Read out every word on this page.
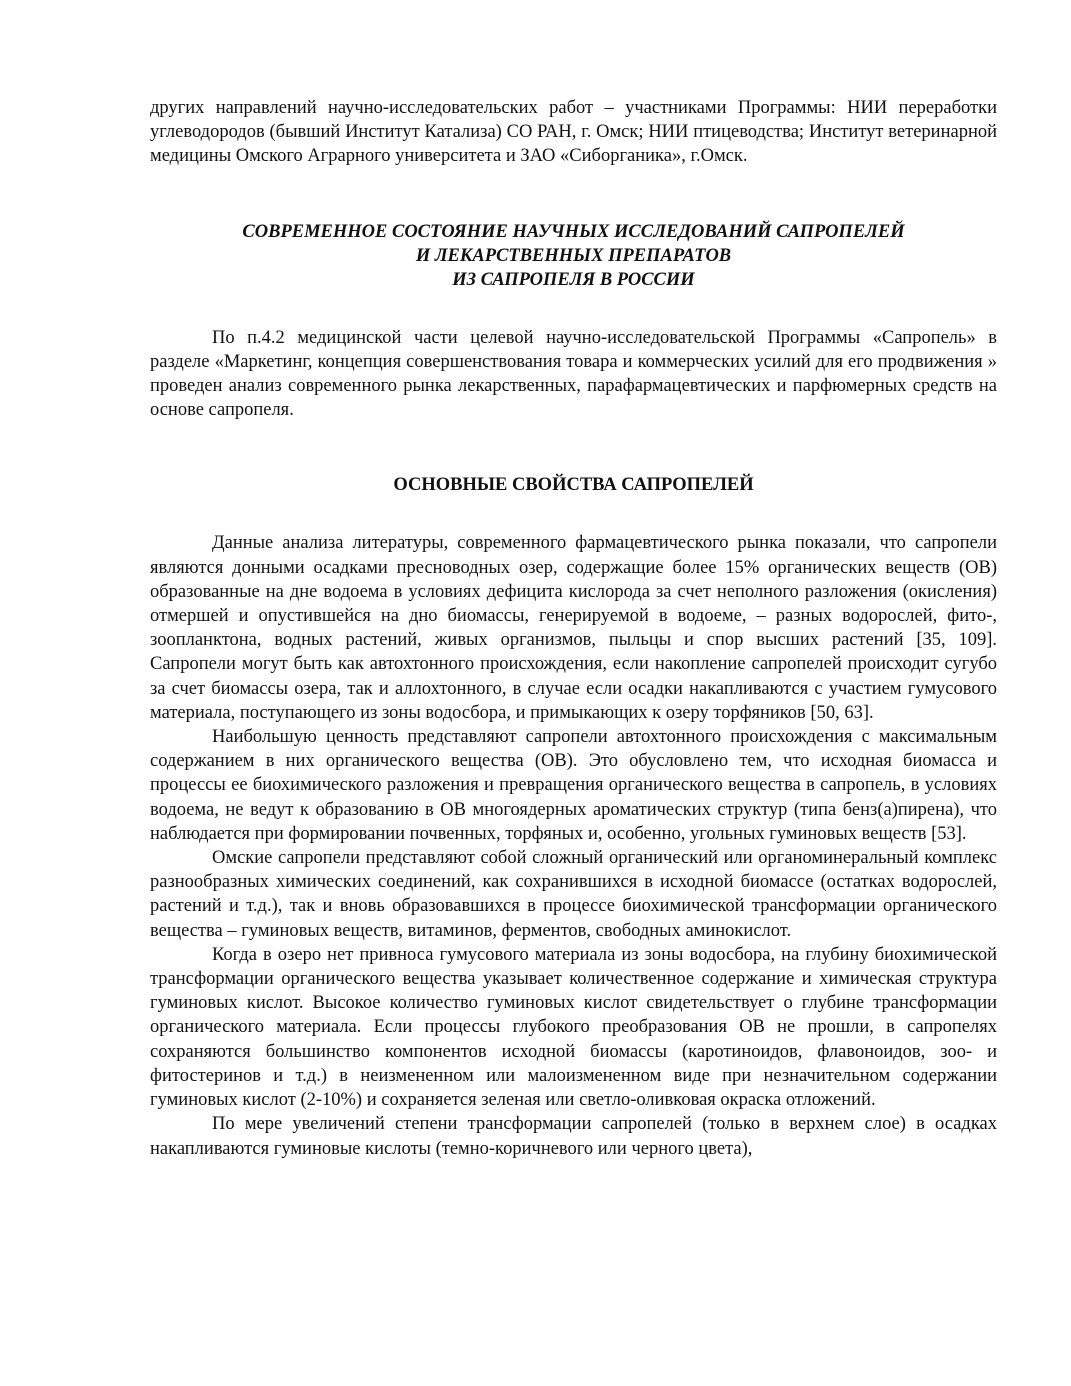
других направлений научно-исследовательских работ – участниками Программы: НИИ переработки углеводородов (бывший Институт Катализа) СО РАН, г. Омск; НИИ птицеводства; Институт ветеринарной медицины Омского Аграрного университета и ЗАО «Сиборганика», г.Омск.

СОВРЕМЕННОЕ СОСТОЯНИЕ НАУЧНЫХ ИССЛЕДОВАНИЙ САПРОПЕЛЕЙ
И ЛЕКАРСТВЕННЫХ ПРЕПАРАТОВ
ИЗ САПРОПЕЛЯ В РОССИИ

По п.4.2 медицинской части целевой научно-исследовательской Программы «Сапропель» в разделе «Маркетинг, концепция совершенствования товара и коммерческих усилий для его продвижения » проведен анализ современного рынка лекарственных, парафармацевтических и парфюмерных средств на основе сапропеля.

ОСНОВНЫЕ СВОЙСТВА САПРОПЕЛЕЙ

Данные анализа литературы, современного фармацевтического рынка показали, что сапропели являются донными осадками пресноводных озер, содержащие более 15% органических веществ (ОВ) образованные на дне водоема в условиях дефицита кислорода за счет неполного разложения (окисления) отмершей и опустившейся на дно биомассы, генерируемой в водоеме, – разных водорослей, фито-, зоопланктона, водных растений, живых организмов, пыльцы и спор высших растений [35, 109]. Сапропели могут быть как автохтонного происхождения, если накопление сапропелей происходит сугубо за счет биомассы озера, так и аллохтонного, в случае если осадки накапливаются с участием гумусового материала, поступающего из зоны водосбора, и примыкающих к озеру торфяников [50, 63].

Наибольшую ценность представляют сапропели автохтонного происхождения с максимальным содержанием в них органического вещества (ОВ). Это обусловлено тем, что исходная биомасса и процессы ее биохимического разложения и превращения органического вещества в сапропель, в условиях водоема, не ведут к образованию в ОВ многоядерных ароматических структур (типа бенз(а)пирена), что наблюдается при формировании почвенных, торфяных и, особенно, угольных гуминовых веществ [53].

Омские сапропели представляют собой сложный органический или органоминеральный комплекс разнообразных химических соединений, как сохранившихся в исходной биомассе (остатках водорослей, растений и т.д.), так и вновь образовавшихся в процессе биохимической трансформации органического вещества – гуминовых веществ, витаминов, ферментов, свободных аминокислот.

Когда в озеро нет привноса гумусового материала из зоны водосбора, на глубину биохимической трансформации органического вещества указывает количественное содержание и химическая структура гуминовых кислот. Высокое количество гуминовых кислот свидетельствует о глубине трансформации органического материала. Если процессы глубокого преобразования ОВ не прошли, в сапропелях сохраняются большинство компонентов исходной биомассы (каротиноидов, флавоноидов, зоо- и фитостеринов и т.д.) в неизмененном или малоизмененном виде при незначительном содержании гуминовых кислот (2-10%) и сохраняется зеленая или светло-оливковая окраска отложений.

По мере увеличений степени трансформации сапропелей (только в верхнем слое) в осадках накапливаются гуминовые кислоты (темно-коричневого или черного цвета),
